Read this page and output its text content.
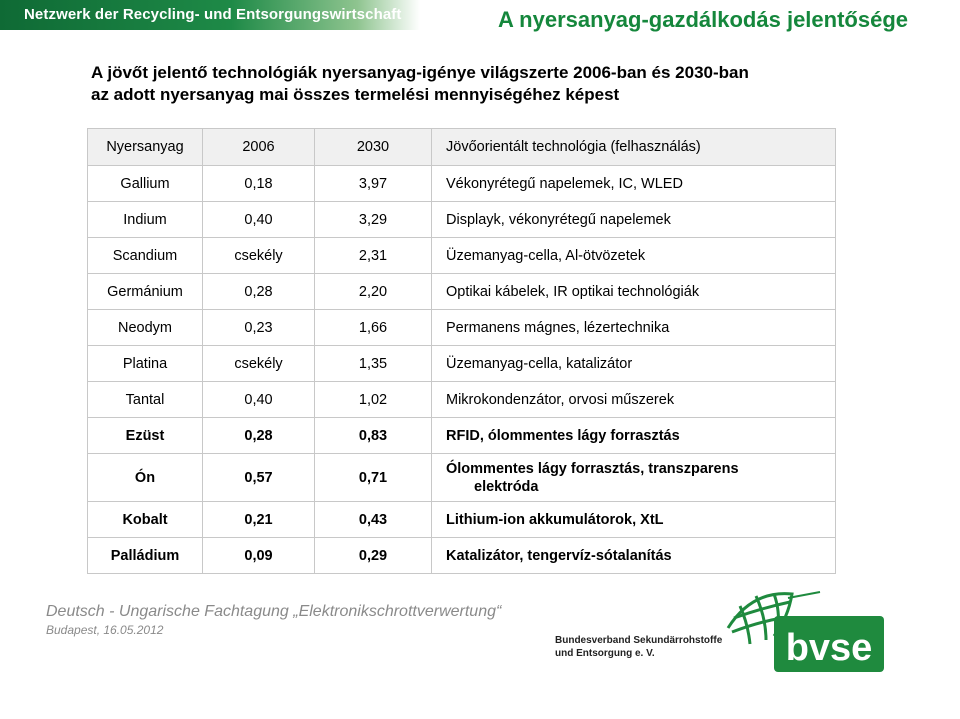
Netzwerk der Recycling- und Entsorgungswirtschaft	A nyersanyag-gazdálkodás jelentősége
A jövőt jelentő technológiák nyersanyag-igénye világszerte 2006-ban és 2030-ban
az adott nyersanyag mai összes termelési mennyiségéhez képest
Nyersanyag	2006	2030	Jövőorientált technológia (felhasználás)
Gallium	0,18	3,97	Vékonyrétegű napelemek, IC, WLED
Indium	0,40	3,29	Displayk, vékonyrétegű napelemek
Scandium	csekély	2,31	Üzemanyag-cella, Al-ötvözetek
Germánium	0,28	2,20	Optikai kábelek, IR optikai technológiák
Neodym	0,23	1,66	Permanens mágnes, lézertechnika
Platina	csekély	1,35	Üzemanyag-cella, katalizátor
Tantal	0,40	1,02	Mikrokondenzátor, orvosi műszerek
Ezüst	0,28	0,83	RFID, ólommentes lágy forrasztás
Ón	0,57	0,71	Ólommentes lágy forrasztás, transzparens
elektróda

Kobalt	0,21	0,43	Lithium-ion akkumulátorok, XtL
Palládium	0,09	0,29	Katalizátor, tengervíz-sótalanítás
Deutsch - Ungarische Fachtagung „Elektronikschrottverwertung“
Budapest, 16.05.2012	bvse
Bundesverband Sekundärrohstoffe
und Entsorgung e. V.
